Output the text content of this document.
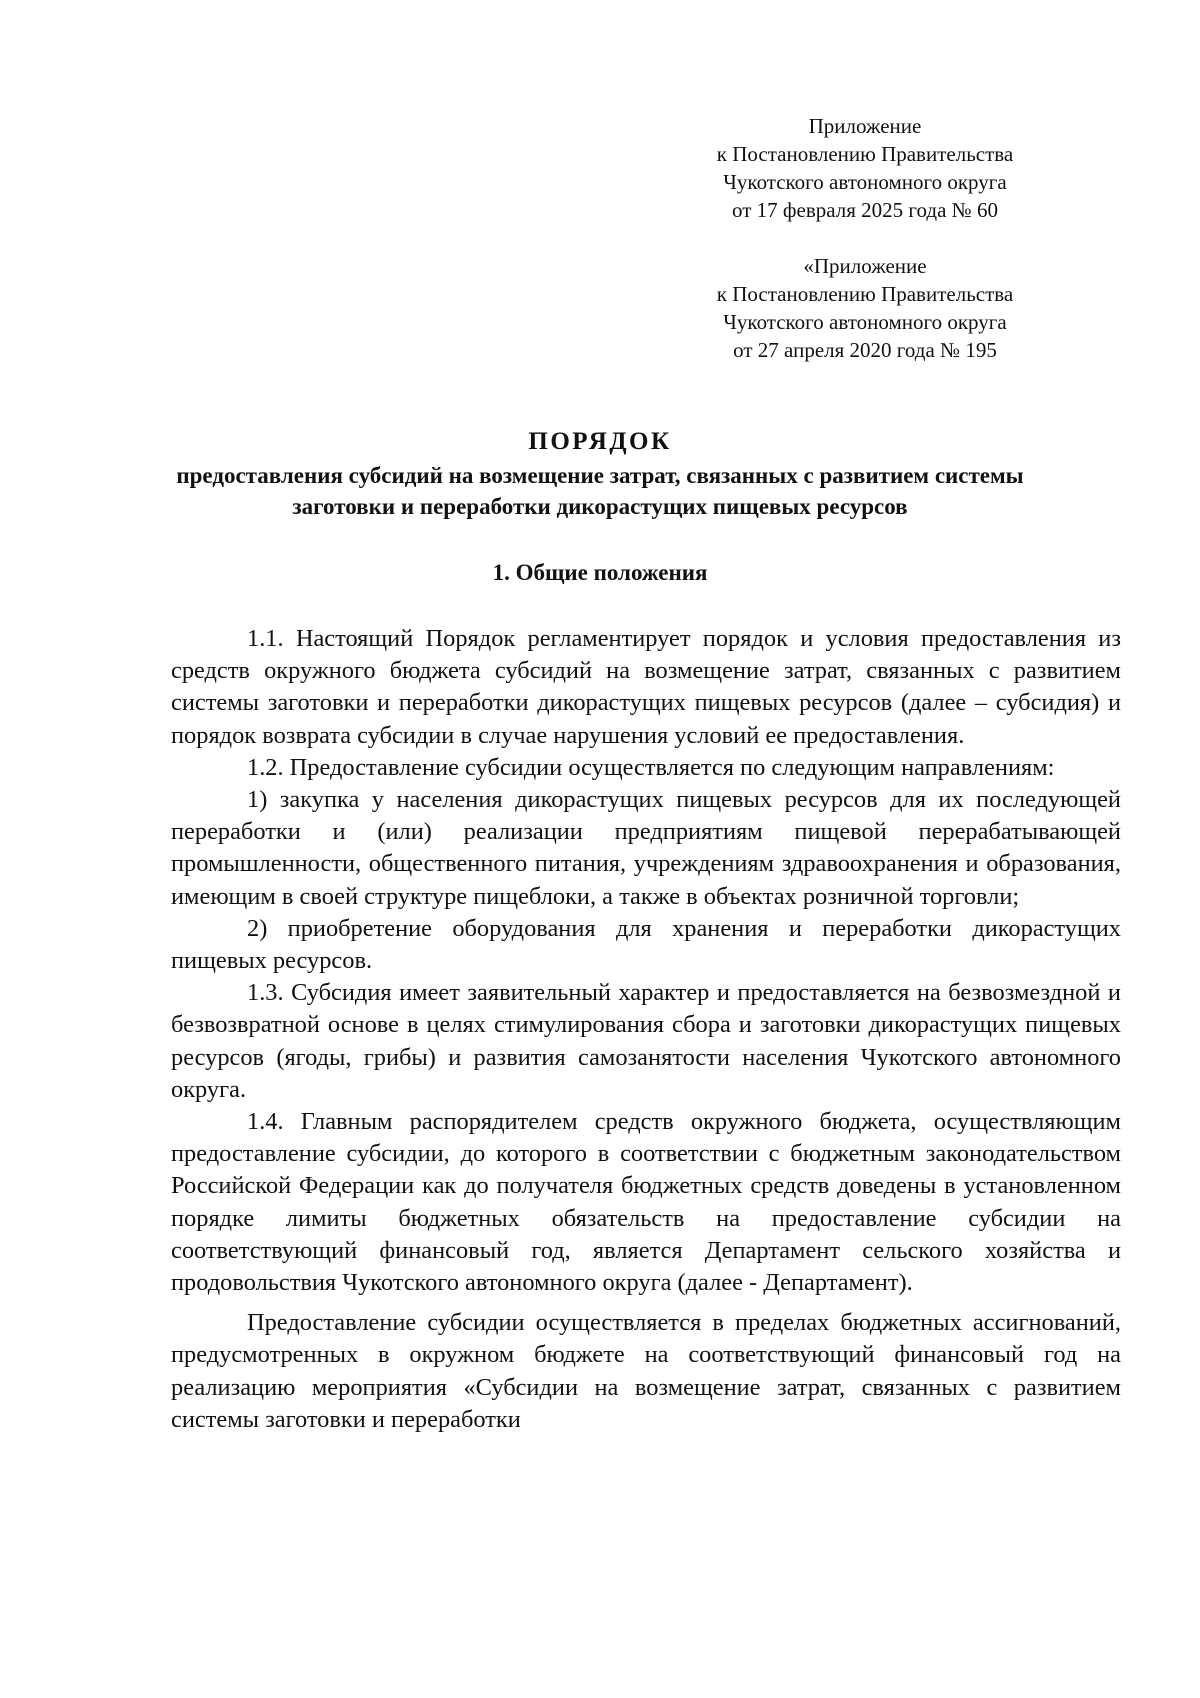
Приложение
к Постановлению Правительства
Чукотского автономного округа
от 17 февраля 2025 года № 60
«Приложение
к Постановлению Правительства
Чукотского автономного округа
от 27 апреля 2020 года № 195
ПОРЯДОК
предоставления субсидий на возмещение затрат, связанных с развитием системы заготовки и переработки дикорастущих пищевых ресурсов
1. Общие положения

1.1. Настоящий Порядок регламентирует порядок и условия предоставления из средств окружного бюджета субсидий на возмещение затрат, связанных с развитием системы заготовки и переработки дикорастущих пищевых ресурсов (далее – субсидия) и порядок возврата субсидии в случае нарушения условий ее предоставления.

1.2. Предоставление субсидии осуществляется по следующим направлениям:

1) закупка у населения дикорастущих пищевых ресурсов для их последующей переработки и (или) реализации предприятиям пищевой перерабатывающей промышленности, общественного питания, учреждениям здравоохранения и образования, имеющим в своей структуре пищеблоки, а также в объектах розничной торговли;

2) приобретение оборудования для хранения и переработки дикорастущих пищевых ресурсов.

1.3. Субсидия имеет заявительный характер и предоставляется на безвозмездной и безвозвратной основе в целях стимулирования сбора и заготовки дикорастущих пищевых ресурсов (ягоды, грибы) и развития самозанятости населения Чукотского автономного округа.

1.4. Главным распорядителем средств окружного бюджета, осуществляющим предоставление субсидии, до которого в соответствии с бюджетным законодательством Российской Федерации как до получателя бюджетных средств доведены в установленном порядке лимиты бюджетных обязательств на предоставление субсидии на соответствующий финансовый год, является Департамент сельского хозяйства и продовольствия Чукотского автономного округа (далее - Департамент).

Предоставление субсидии осуществляется в пределах бюджетных ассигнований, предусмотренных в окружном бюджете на соответствующий финансовый год на реализацию мероприятия «Субсидии на возмещение затрат, связанных с развитием системы заготовки и переработки
